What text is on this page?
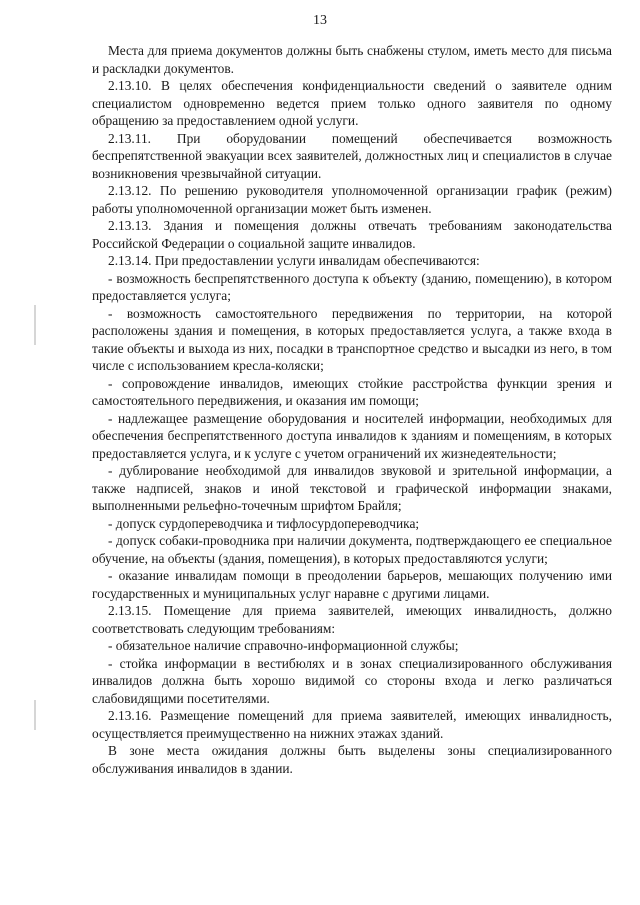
13

Места для приема документов должны быть снабжены стулом, иметь место для письма и раскладки документов.

2.13.10. В целях обеспечения конфиденциальности сведений о заявителе одним специалистом одновременно ведется прием только одного заявителя по одному обращению за предоставлением одной услуги.

2.13.11. При оборудовании помещений обеспечивается возможность беспрепятственной эвакуации всех заявителей, должностных лиц и специалистов в случае возникновения чрезвычайной ситуации.

2.13.12. По решению руководителя уполномоченной организации график (режим) работы уполномоченной организации может быть изменен.

2.13.13. Здания и помещения должны отвечать требованиям законодательства Российской Федерации о социальной защите инвалидов.

2.13.14. При предоставлении услуги инвалидам обеспечиваются:

- возможность беспрепятственного доступа к объекту (зданию, помещению), в котором предоставляется услуга;

- возможность самостоятельного передвижения по территории, на которой расположены здания и помещения, в которых предоставляется услуга, а также входа в такие объекты и выхода из них, посадки в транспортное средство и высадки из него, в том числе с использованием кресла-коляски;

- сопровождение инвалидов, имеющих стойкие расстройства функции зрения и самостоятельного передвижения, и оказания им помощи;

- надлежащее размещение оборудования и носителей информации, необходимых для обеспечения беспрепятственного доступа инвалидов к зданиям и помещениям, в которых предоставляется услуга, и к услуге с учетом ограничений их жизнедеятельности;

- дублирование необходимой для инвалидов звуковой и зрительной информации, а также надписей, знаков и иной текстовой и графической информации знаками, выполненными рельефно-точечным шрифтом Брайля;

- допуск сурдопереводчика и тифлосурдопереводчика;

- допуск собаки-проводника при наличии документа, подтверждающего ее специальное обучение, на объекты (здания, помещения), в которых предоставляются услуги;

- оказание инвалидам помощи в преодолении барьеров, мешающих получению ими государственных и муниципальных услуг наравне с другими лицами.

2.13.15. Помещение для приема заявителей, имеющих инвалидность, должно соответствовать следующим требованиям:

- обязательное наличие справочно-информационной службы;

- стойка информации в вестибюлях и в зонах специализированного обслуживания инвалидов должна быть хорошо видимой со стороны входа и легко различаться слабовидящими посетителями.

2.13.16. Размещение помещений для приема заявителей, имеющих инвалидность, осуществляется преимущественно на нижних этажах зданий.

В зоне места ожидания должны быть выделены зоны специализированного обслуживания инвалидов в здании.
